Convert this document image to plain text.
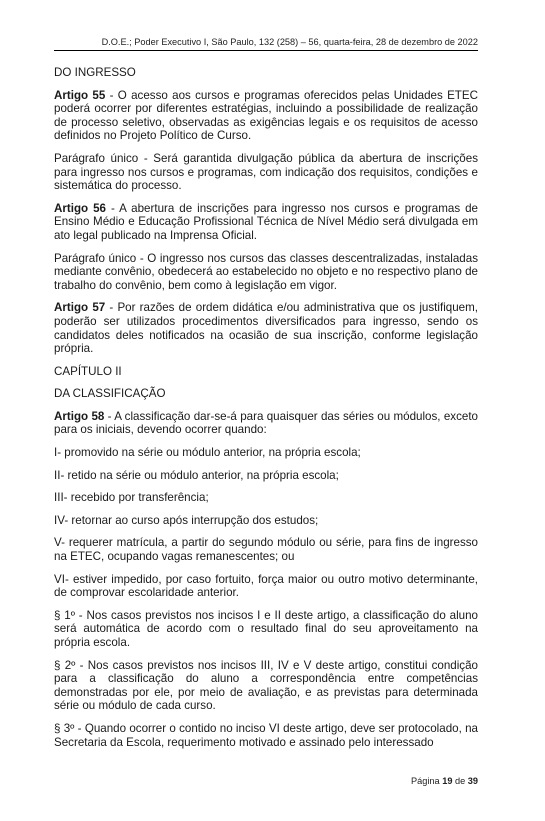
D.O.E.; Poder Executivo I, São Paulo, 132 (258) – 56, quarta-feira, 28 de dezembro de 2022

DO INGRESSO

Artigo 55 - O acesso aos cursos e programas oferecidos pelas Unidades ETEC poderá ocorrer por diferentes estratégias, incluindo a possibilidade de realização de processo seletivo, observadas as exigências legais e os requisitos de acesso definidos no Projeto Político de Curso.

Parágrafo único - Será garantida divulgação pública da abertura de inscrições para ingresso nos cursos e programas, com indicação dos requisitos, condições e sistemática do processo.

Artigo 56 - A abertura de inscrições para ingresso nos cursos e programas de Ensino Médio e Educação Profissional Técnica de Nível Médio será divulgada em ato legal publicado na Imprensa Oficial.

Parágrafo único - O ingresso nos cursos das classes descentralizadas, instaladas mediante convênio, obedecerá ao estabelecido no objeto e no respectivo plano de trabalho do convênio, bem como à legislação em vigor.

Artigo 57 - Por razões de ordem didática e/ou administrativa que os justifiquem, poderão ser utilizados procedimentos diversificados para ingresso, sendo os candidatos deles notificados na ocasião de sua inscrição, conforme legislação própria.

CAPÍTULO II

DA CLASSIFICAÇÃO

Artigo 58 - A classificação dar-se-á para quaisquer das séries ou módulos, exceto para os iniciais, devendo ocorrer quando:

I- promovido na série ou módulo anterior, na própria escola;

II- retido na série ou módulo anterior, na própria escola;

III- recebido por transferência;

IV- retornar ao curso após interrupção dos estudos;

V- requerer matrícula, a partir do segundo módulo ou série, para fins de ingresso na ETEC, ocupando vagas remanescentes; ou

VI- estiver impedido, por caso fortuito, força maior ou outro motivo determinante, de comprovar escolaridade anterior.

§ 1º - Nos casos previstos nos incisos I e II deste artigo, a classificação do aluno será automática de acordo com o resultado final do seu aproveitamento na própria escola.

§ 2º - Nos casos previstos nos incisos III, IV e V deste artigo, constitui condição para a classificação do aluno a correspondência entre competências demonstradas por ele, por meio de avaliação, e as previstas para determinada série ou módulo de cada curso.

§ 3º - Quando ocorrer o contido no inciso VI deste artigo, deve ser protocolado, na Secretaria da Escola, requerimento motivado e assinado pelo interessado

Página 19 de 39
